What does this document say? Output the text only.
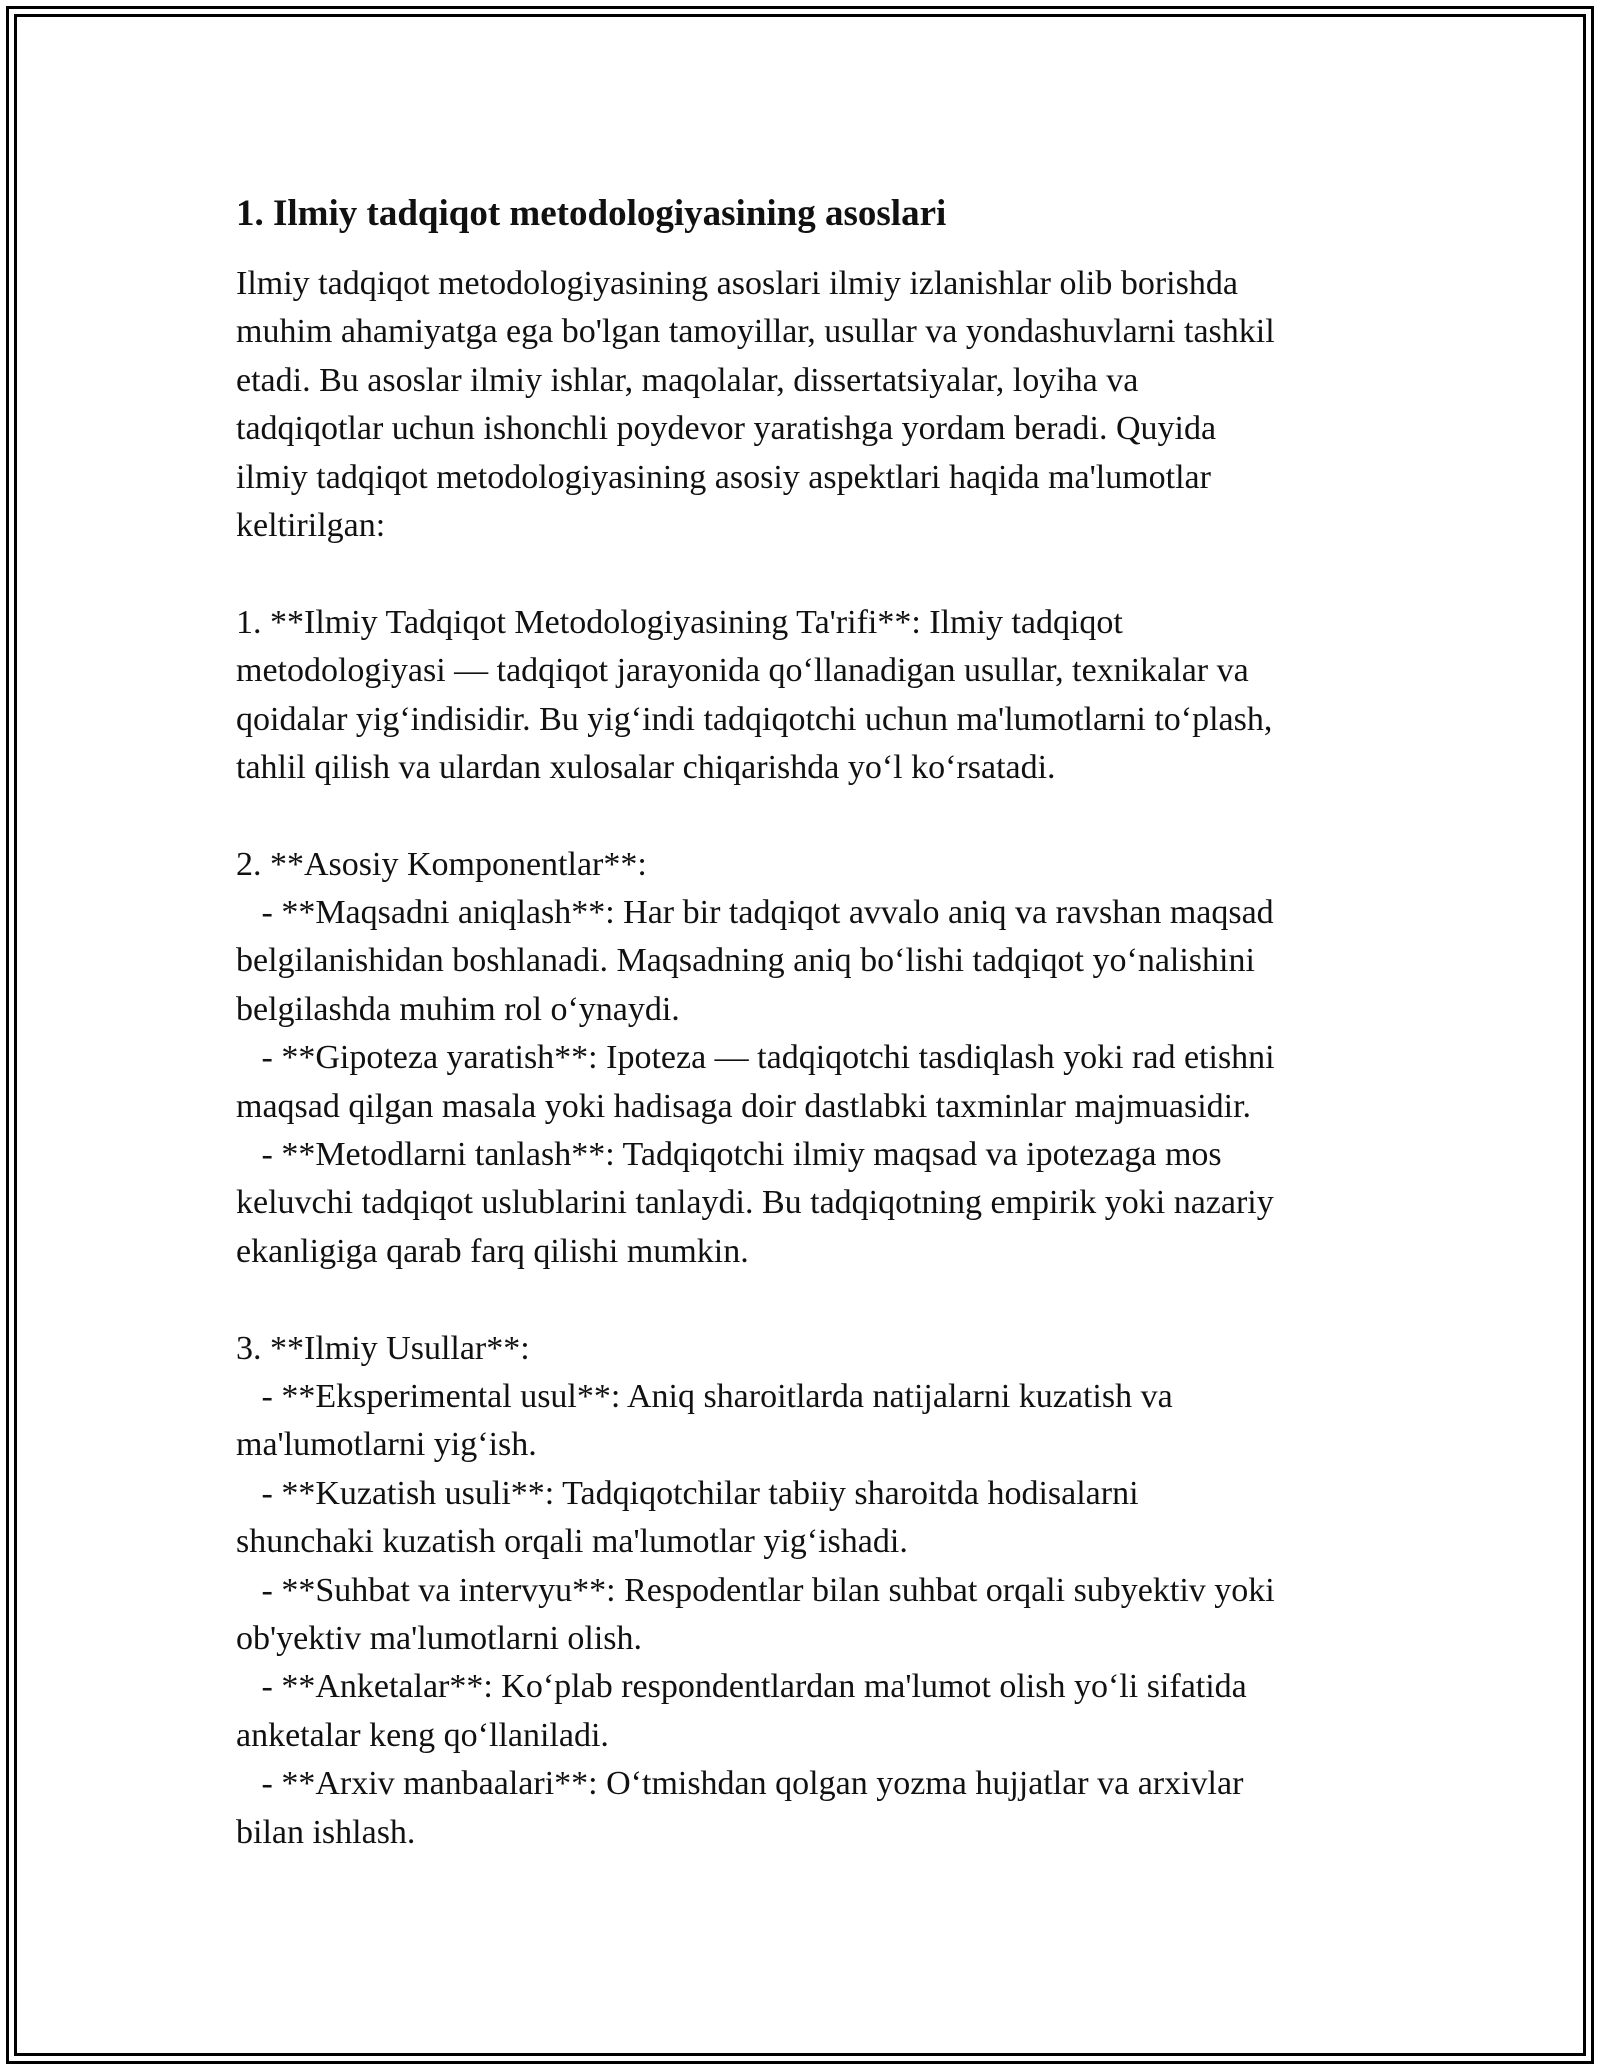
1. Ilmiy tadqiqot metodologiyasining asoslari

Ilmiy tadqiqot metodologiyasining asoslari ilmiy izlanishlar olib borishda

muhim ahamiyatga ega bo'lgan tamoyillar, usullar va yondashuvlarni tashkil

etadi. Bu asoslar ilmiy ishlar, maqolalar, dissertatsiyalar, loyiha va

tadqiqotlar uchun ishonchli poydevor yaratishga yordam beradi. Quyida

ilmiy tadqiqot metodologiyasining asosiy aspektlari haqida ma'lumotlar

keltirilgan:

1. **Ilmiy Tadqiqot Metodologiyasining Ta'rifi**: Ilmiy tadqiqot

metodologiyasi — tadqiqot jarayonida qo‘llanadigan usullar, texnikalar va

qoidalar yig‘indisidir. Bu yig‘indi tadqiqotchi uchun ma'lumotlarni to‘plash,

tahlil qilish va ulardan xulosalar chiqarishda yo‘l ko‘rsatadi.

2. **Asosiy Komponentlar**:

- **Maqsadni aniqlash**: Har bir tadqiqot avvalo aniq va ravshan maqsad

belgilanishidan boshlanadi. Maqsadning aniq bo‘lishi tadqiqot yo‘nalishini

belgilashda muhim rol o‘ynaydi.

- **Gipoteza yaratish**: Ipoteza — tadqiqotchi tasdiqlash yoki rad etishni

maqsad qilgan masala yoki hadisaga doir dastlabki taxminlar majmuasidir.

- **Metodlarni tanlash**: Tadqiqotchi ilmiy maqsad va ipotezaga mos

keluvchi tadqiqot uslublarini tanlaydi. Bu tadqiqotning empirik yoki nazariy

ekanligiga qarab farq qilishi mumkin.

3. **Ilmiy Usullar**:

- **Eksperimental usul**: Aniq sharoitlarda natijalarni kuzatish va

ma'lumotlarni yig‘ish.

- **Kuzatish usuli**: Tadqiqotchilar tabiiy sharoitda hodisalarni

shunchaki kuzatish orqali ma'lumotlar yig‘ishadi.

- **Suhbat va intervyu**: Respodentlar bilan suhbat orqali subyektiv yoki

ob'yektiv ma'lumotlarni olish.

- **Anketalar**: Ko‘plab respondentlardan ma'lumot olish yo‘li sifatida

anketalar keng qo‘llaniladi.

- **Arxiv manbaalari**: O‘tmishdan qolgan yozma hujjatlar va arxivlar

bilan ishlash.
